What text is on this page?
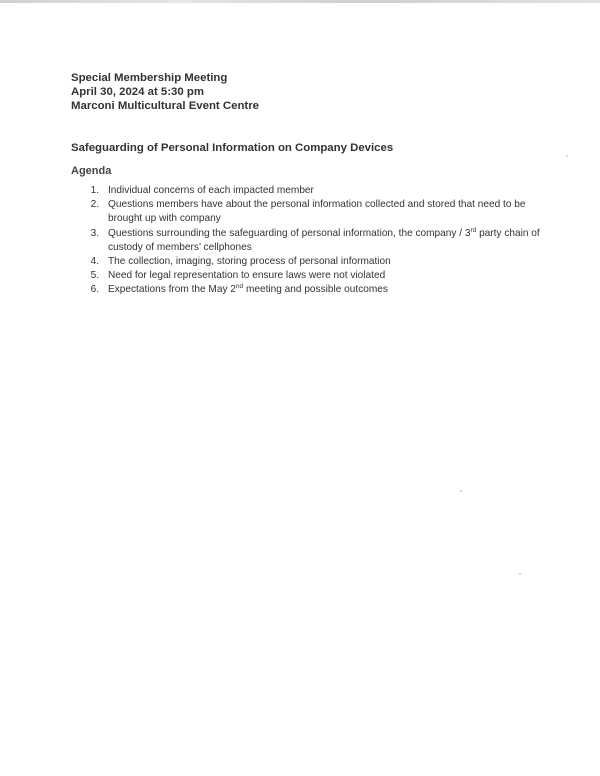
Special Membership Meeting
April 30, 2024 at 5:30 pm
Marconi Multicultural Event Centre
Safeguarding of Personal Information on Company Devices
Agenda
1. Individual concerns of each impacted member
2. Questions members have about the personal information collected and stored that need to be brought up with company
3. Questions surrounding the safeguarding of personal information, the company / 3rd party chain of custody of members’ cellphones
4. The collection, imaging, storing process of personal information
5. Need for legal representation to ensure laws were not violated
6. Expectations from the May 2nd meeting and possible outcomes
